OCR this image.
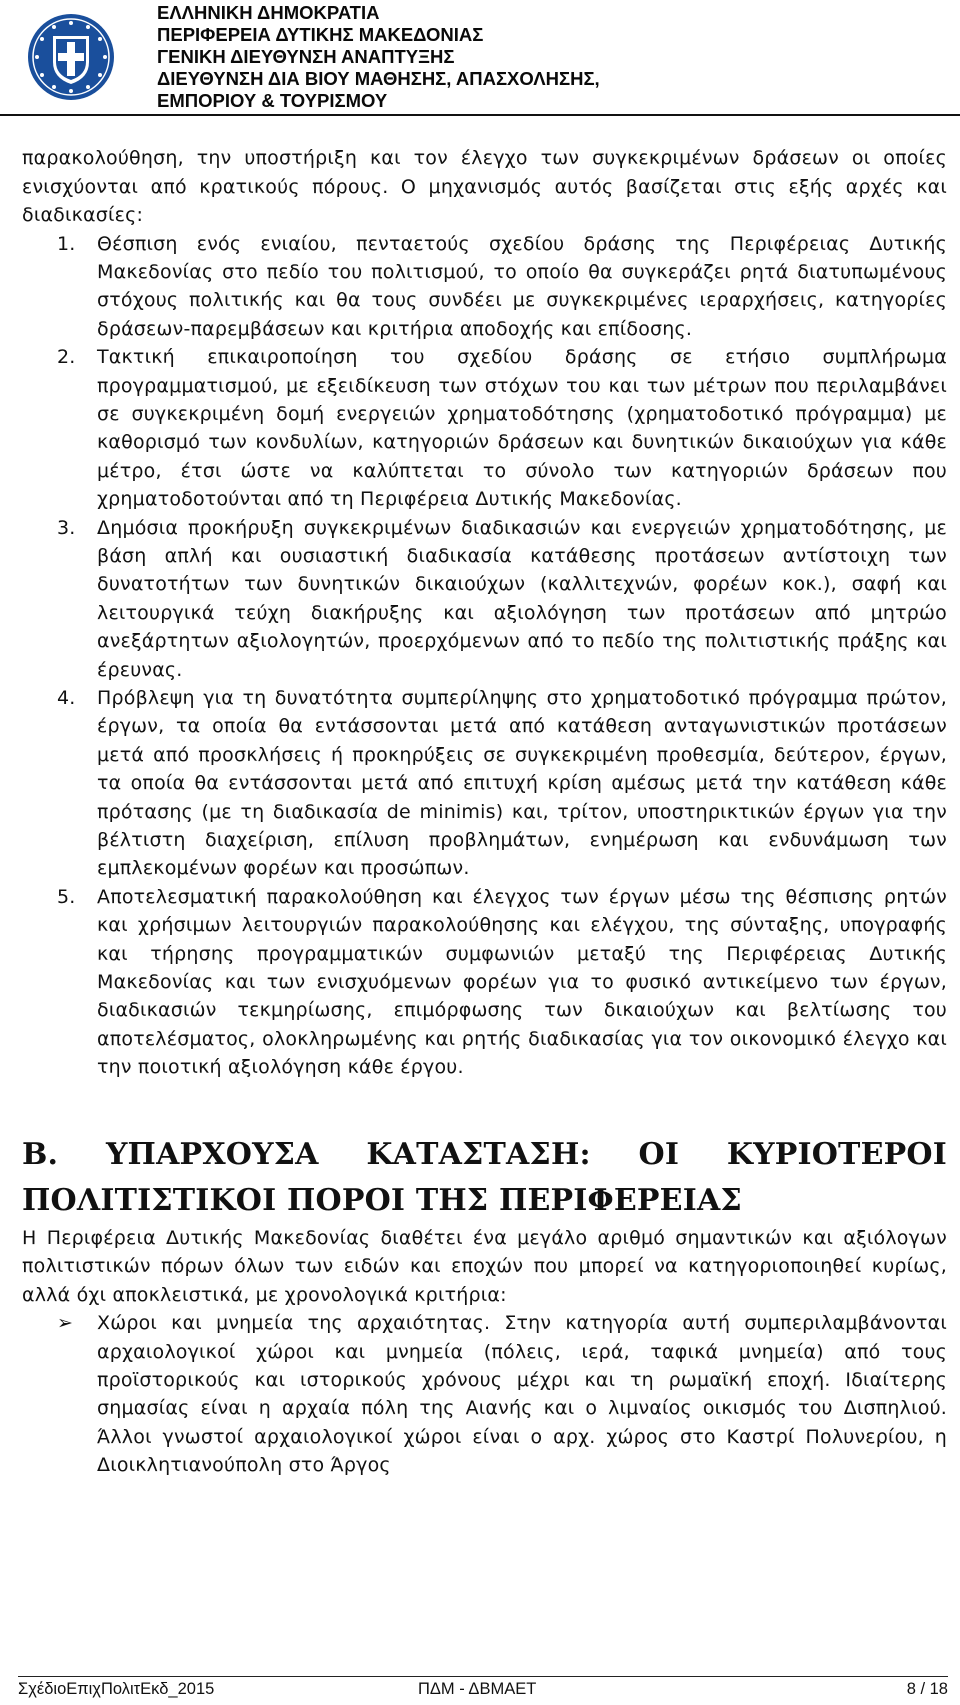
ΕΛΛΗΝΙΚΗ ΔΗΜΟΚΡΑΤΙΑ
ΠΕΡΙΦΕΡΕΙΑ ΔΥΤΙΚΗΣ ΜΑΚΕΔΟΝΙΑΣ
ΓΕΝΙΚΗ ΔΙΕΥΘΥΝΣΗ ΑΝΑΠΤΥΞΗΣ
ΔΙΕΥΘΥΝΣΗ ΔΙΑ ΒΙΟΥ ΜΑΘΗΣΗΣ, ΑΠΑΣΧΟΛΗΣΗΣ,
ΕΜΠΟΡΙΟΥ & ΤΟΥΡΙΣΜΟΥ

παρακολούθηση, την υποστήριξη και τον έλεγχο των συγκεκριμένων δράσεων οι οποίες ενισχύονται από κρατικούς πόρους. Ο μηχανισμός αυτός βασίζεται στις εξής αρχές και διαδικασίες:

1. Θέσπιση ενός ενιαίου, πενταετούς σχεδίου δράσης της Περιφέρειας Δυτικής Μακεδονίας στο πεδίο του πολιτισμού, το οποίο θα συγκεράζει ρητά διατυπωμένους στόχους πολιτικής και θα τους συνδέει με συγκεκριμένες ιεραρχήσεις, κατηγορίες δράσεων-παρεμβάσεων και κριτήρια αποδοχής και επίδοσης.
2. Τακτική επικαιροποίηση του σχεδίου δράσης σε ετήσιο συμπλήρωμα προγραμματισμού, με εξειδίκευση των στόχων του και των μέτρων που περιλαμβάνει σε συγκεκριμένη δομή ενεργειών χρηματοδότησης (χρηματοδοτικό πρόγραμμα) με καθορισμό των κονδυλίων, κατηγοριών δράσεων και δυνητικών δικαιούχων για κάθε μέτρο, έτσι ώστε να καλύπτεται το σύνολο των κατηγοριών δράσεων που χρηματοδοτούνται από τη Περιφέρεια Δυτικής Μακεδονίας.
3. Δημόσια προκήρυξη συγκεκριμένων διαδικασιών και ενεργειών χρηματοδότησης, με βάση απλή και ουσιαστική διαδικασία κατάθεσης προτάσεων αντίστοιχη των δυνατοτήτων των δυνητικών δικαιούχων (καλλιτεχνών, φορέων κοκ.), σαφή και λειτουργικά τεύχη διακήρυξης και αξιολόγηση των προτάσεων από μητρώο ανεξάρτητων αξιολογητών, προερχόμενων από το πεδίο της πολιτιστικής πράξης και έρευνας.
4. Πρόβλεψη για τη δυνατότητα συμπερίληψης στο χρηματοδοτικό πρόγραμμα πρώτον, έργων, τα οποία θα εντάσσονται μετά από κατάθεση ανταγωνιστικών προτάσεων μετά από προσκλήσεις ή προκηρύξεις σε συγκεκριμένη προθεσμία, δεύτερον, έργων, τα οποία θα εντάσσονται μετά από επιτυχή κρίση αμέσως μετά την κατάθεση κάθε πρότασης (με τη διαδικασία de minimis) και, τρίτον, υποστηρικτικών έργων για την βέλτιστη διαχείριση, επίλυση προβλημάτων, ενημέρωση και ενδυνάμωση των εμπλεκομένων φορέων και προσώπων.
5. Αποτελεσματική παρακολούθηση και έλεγχος των έργων μέσω της θέσπισης ρητών και χρήσιμων λειτουργιών παρακολούθησης και ελέγχου, της σύνταξης, υπογραφής και τήρησης προγραμματικών συμφωνιών μεταξύ της Περιφέρειας Δυτικής Μακεδονίας και των ενισχυόμενων φορέων για το φυσικό αντικείμενο των έργων, διαδικασιών τεκμηρίωσης, επιμόρφωσης των δικαιούχων και βελτίωσης του αποτελέσματος, ολοκληρωμένης και ρητής διαδικασίας για τον οικονομικό έλεγχο και την ποιοτική αξιολόγηση κάθε έργου.
B. ΥΠΑΡΧΟΥΣΑ ΚΑΤΑΣΤΑΣΗ: ΟΙ ΚΥΡΙΟΤΕΡΟΙ
ΠΟΛΙΤΙΣΤΙΚΟΙ ΠΟΡΟΙ ΤΗΣ ΠΕΡΙΦΕΡΕΙΑΣ

Η Περιφέρεια Δυτικής Μακεδονίας διαθέτει ένα μεγάλο αριθμό σημαντικών και αξιόλογων πολιτιστικών πόρων όλων των ειδών και εποχών που μπορεί να κατηγοριοποιηθεί κυρίως, αλλά όχι αποκλειστικά, με χρονολογικά κριτήρια:

➢ Χώροι και μνημεία της αρχαιότητας. Στην κατηγορία αυτή συμπεριλαμβάνονται αρχαιολογικοί χώροι και μνημεία (πόλεις, ιερά, ταφικά μνημεία) από τους προϊστορικούς και ιστορικούς χρόνους μέχρι και τη ρωμαϊκή εποχή. Ιδιαίτερης σημασίας είναι η αρχαία πόλη της Αιανής και ο λιμναίος οικισμός του Δισπηλιού. Άλλοι γνωστοί αρχαιολογικοί χώροι είναι ο αρχ. χώρος στο Καστρί Πολυνερίου, η Διοικλητιανούπολη στο Άργος
ΣχέδιοΕπιχΠολιτΕκδ_2015	ΠΔΜ - ΔΒΜΑΕΤ	8 / 18
